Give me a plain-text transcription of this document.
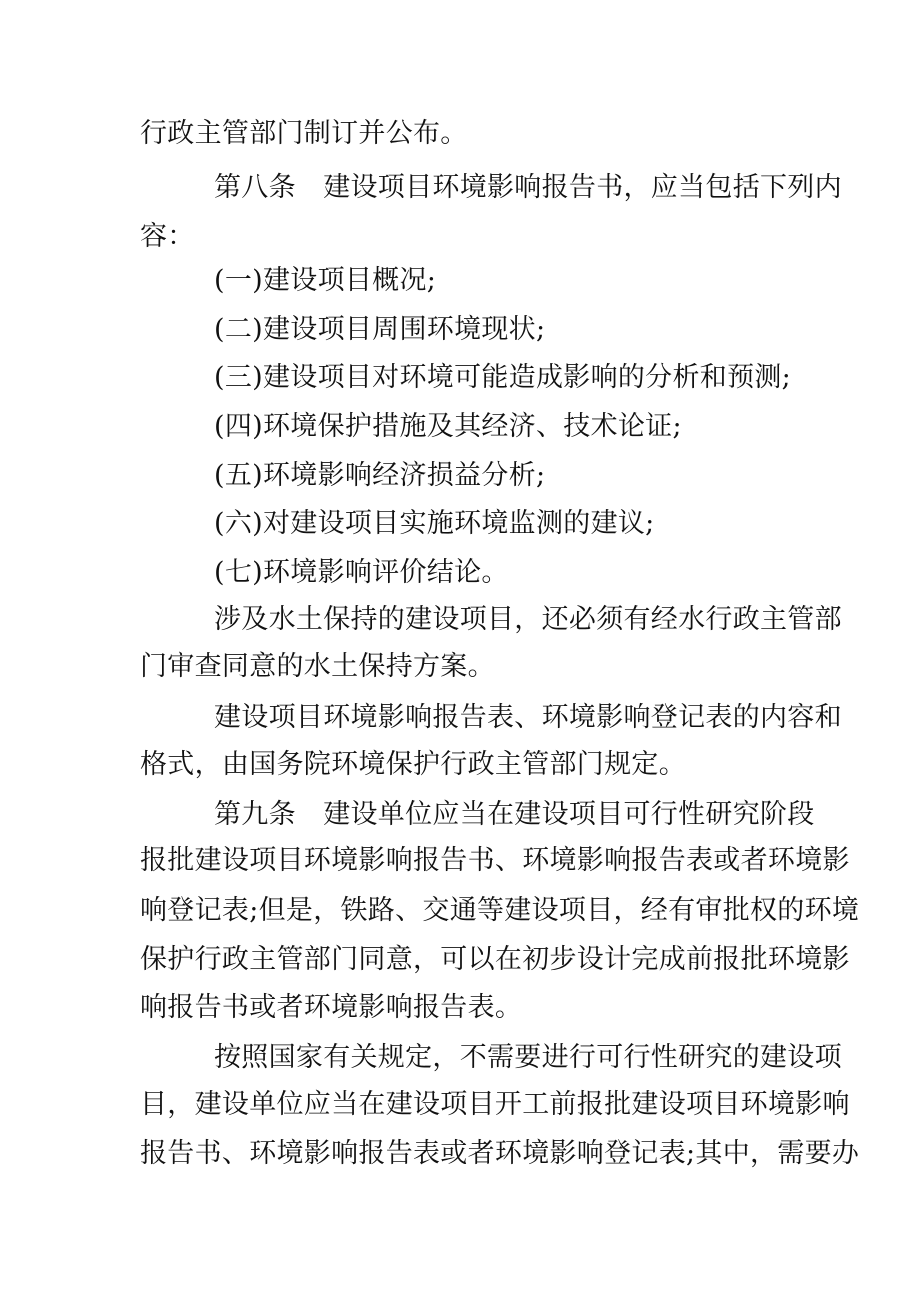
行政主管部门制订并公布。
第八条　建设项目环境影响报告书，应当包括下列内
容：
(一)建设项目概况;
(二)建设项目周围环境现状;
(三)建设项目对环境可能造成影响的分析和预测;
(四)环境保护措施及其经济、技术论证;
(五)环境影响经济损益分析;
(六)对建设项目实施环境监测的建议;
(七)环境影响评价结论。
涉及水土保持的建设项目，还必须有经水行政主管部
门审查同意的水土保持方案。
建设项目环境影响报告表、环境影响登记表的内容和
格式，由国务院环境保护行政主管部门规定。
第九条　建设单位应当在建设项目可行性研究阶段
报批建设项目环境影响报告书、环境影响报告表或者环境影
响登记表;但是，铁路、交通等建设项目，经有审批权的环境
保护行政主管部门同意，可以在初步设计完成前报批环境影
响报告书或者环境影响报告表。
按照国家有关规定，不需要进行可行性研究的建设项
目，建设单位应当在建设项目开工前报批建设项目环境影响
报告书、环境影响报告表或者环境影响登记表;其中，需要办
